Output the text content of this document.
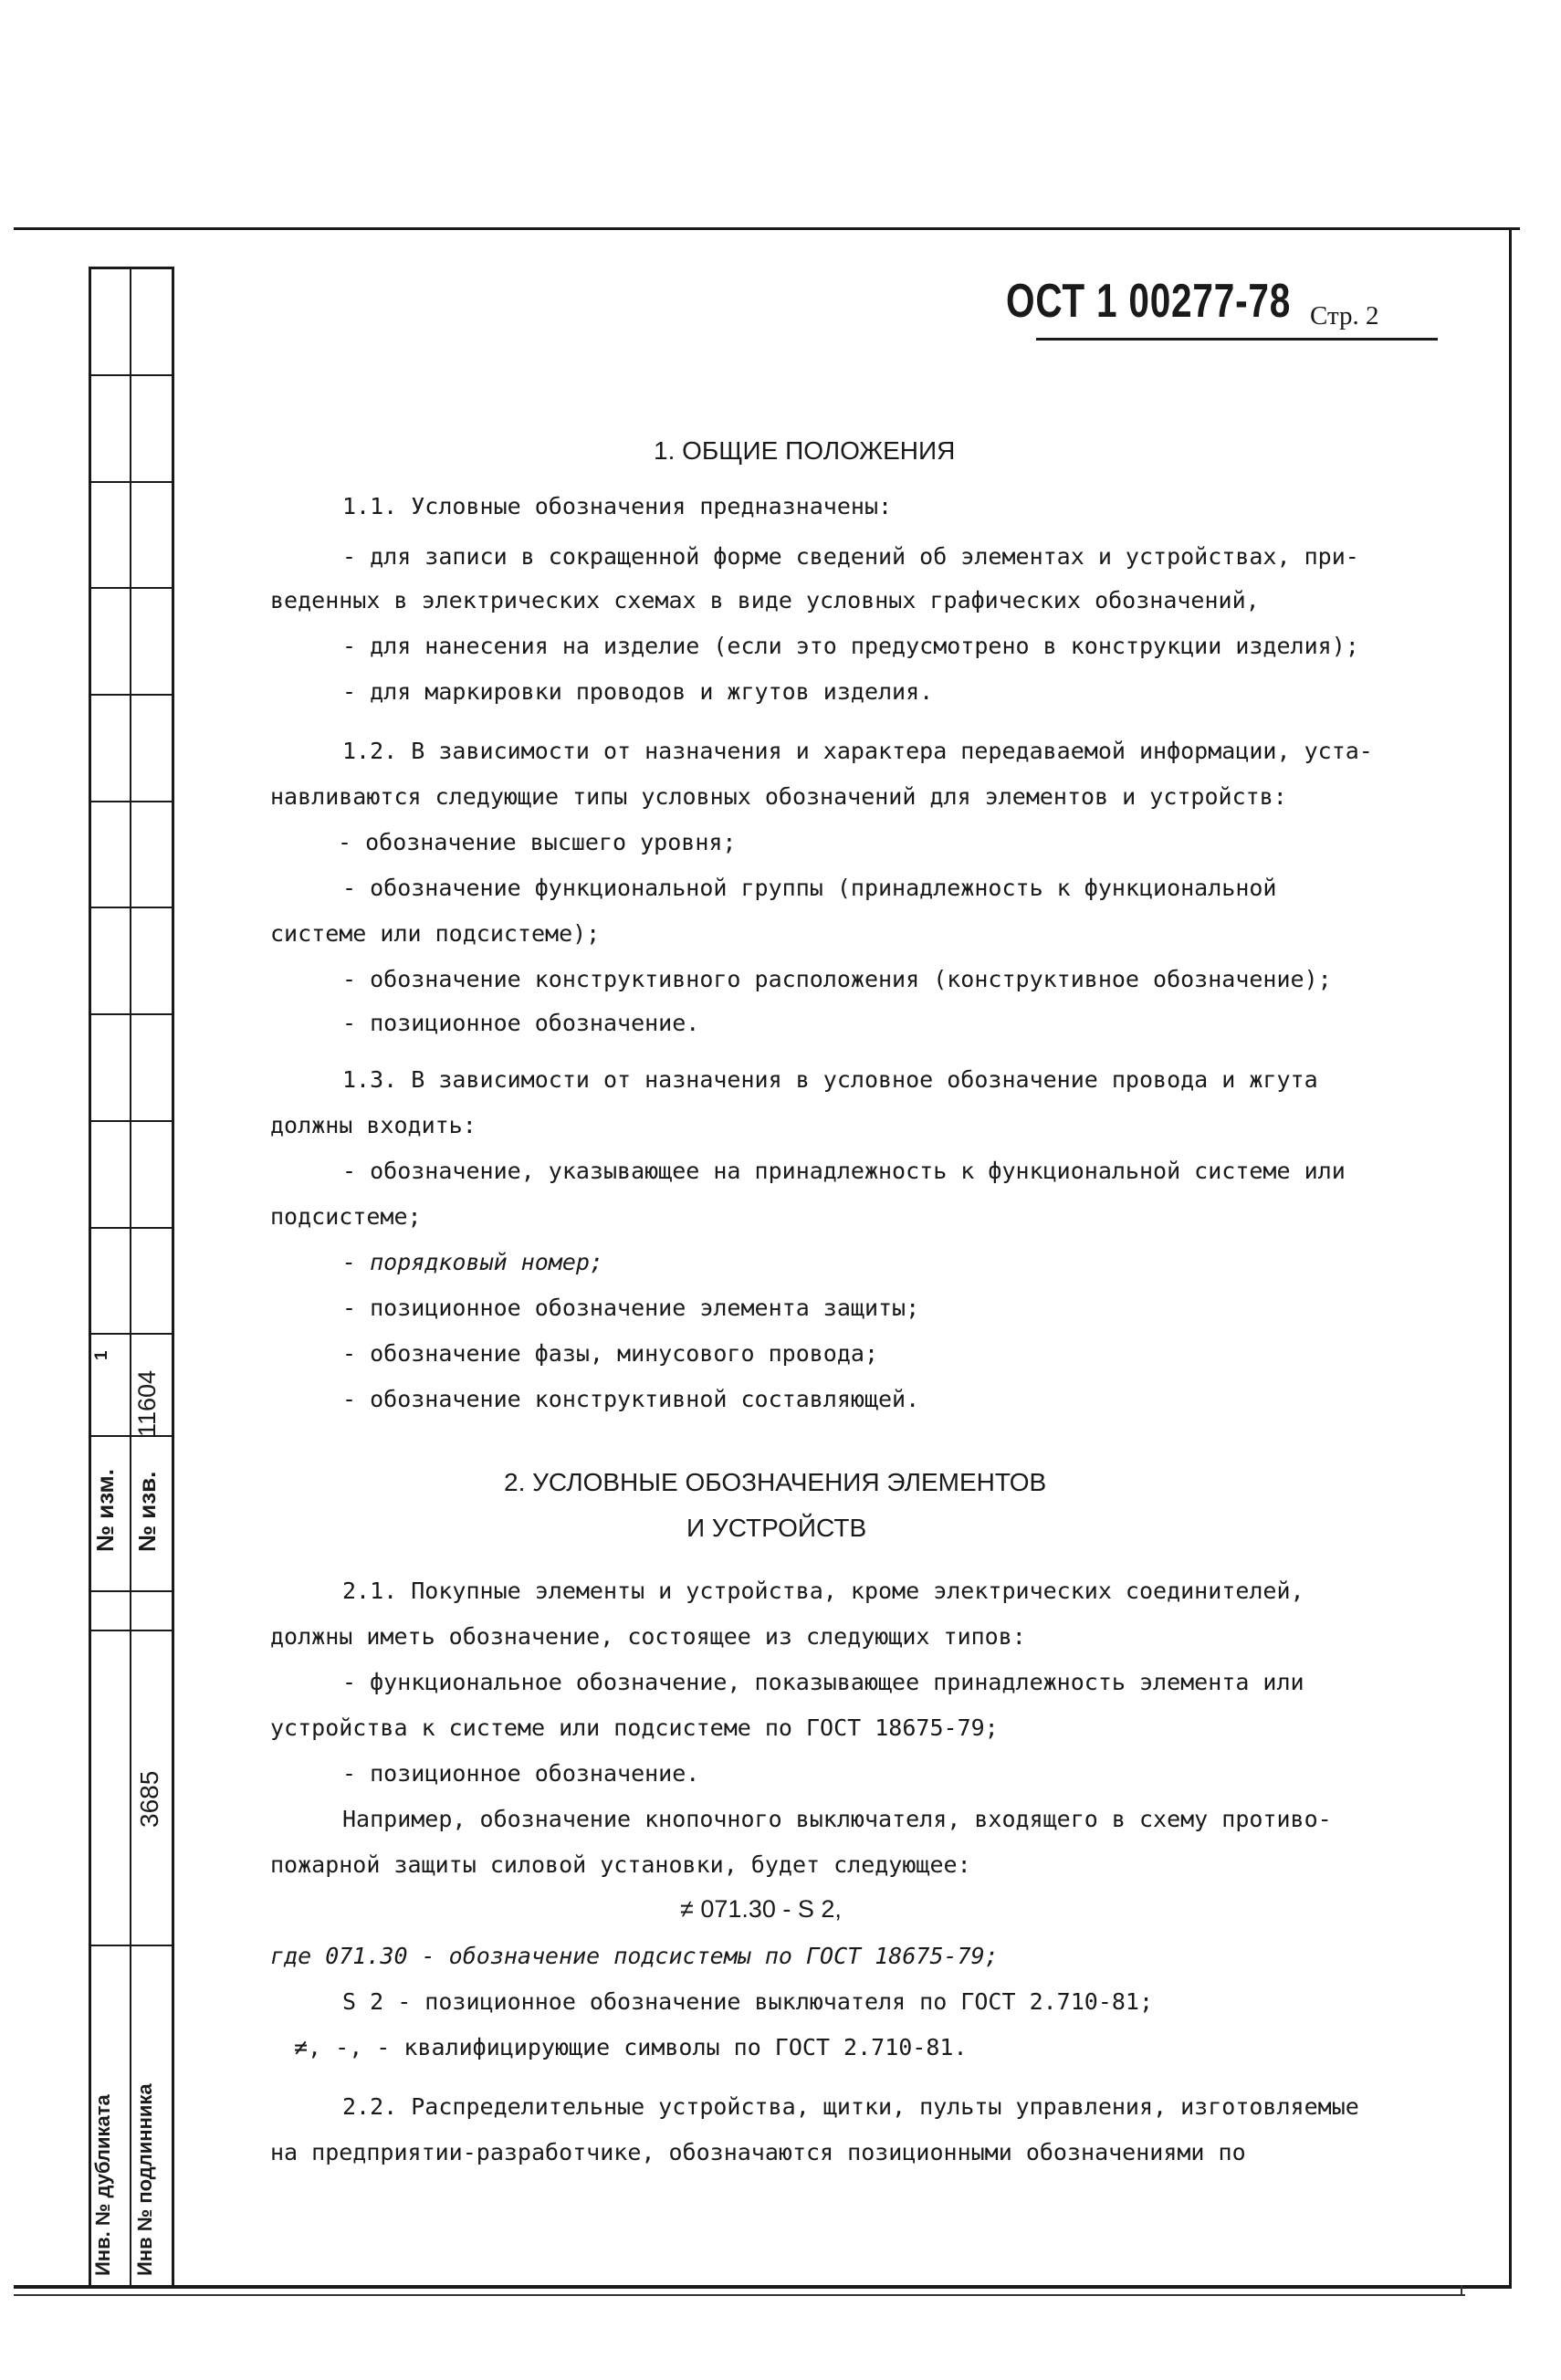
1
11604
№ изм. № изв.
3685
Инв. № дубликата Инв № подлинника
ОСТ 1 00277-78 Стр. 2
1. ОБЩИЕ ПОЛОЖЕНИЯ
1.1. Условные обозначения предназначены:
- для записи в сокращенной форме сведений об элементах и устройствах, при-
веденных в электрических схемах в виде условных графических обозначений,
- для нанесения на изделие (если это предусмотрено в конструкции изделия);
- для маркировки проводов и жгутов изделия.
1.2. В зависимости от назначения и характера передаваемой информации, уста-
навливаются следующие типы условных обозначений для элементов и устройств:
- обозначение высшего уровня;
- обозначение функциональной группы (принадлежность к функциональной
системе или подсистеме);
- обозначение конструктивного расположения (конструктивное обозначение);
- позиционное обозначение.
1.3. В зависимости от назначения в условное обозначение провода и жгута
должны входить:
- обозначение, указывающее на принадлежность к функциональной системе или
подсистеме;
- порядковый номер;
- позиционное обозначение элемента защиты;
- обозначение фазы, минусового провода;
- обозначение конструктивной составляющей.
2. УСЛОВНЫЕ ОБОЗНАЧЕНИЯ ЭЛЕМЕНТОВ
И УСТРОЙСТВ
2.1. Покупные элементы и устройства, кроме электрических соединителей,
должны иметь обозначение, состоящее из следующих типов:
- функциональное обозначение, показывающее принадлежность элемента или
устройства к системе или подсистеме по ГОСТ 18675-79;
- позиционное обозначение.
Например, обозначение кнопочного выключателя, входящего в схему противо-
пожарной защиты силовой установки, будет следующее:
≠ 071.30 - S 2,
где 071.30 - обозначение подсистемы по ГОСТ 18675-79;
S 2 - позиционное обозначение выключателя по ГОСТ 2.710-81;
≠, -, - квалифицирующие символы по ГОСТ 2.710-81.
2.2. Распределительные устройства, щитки, пульты управления, изготовляемые
на предприятии-разработчике, обозначаются позиционными обозначениями по
